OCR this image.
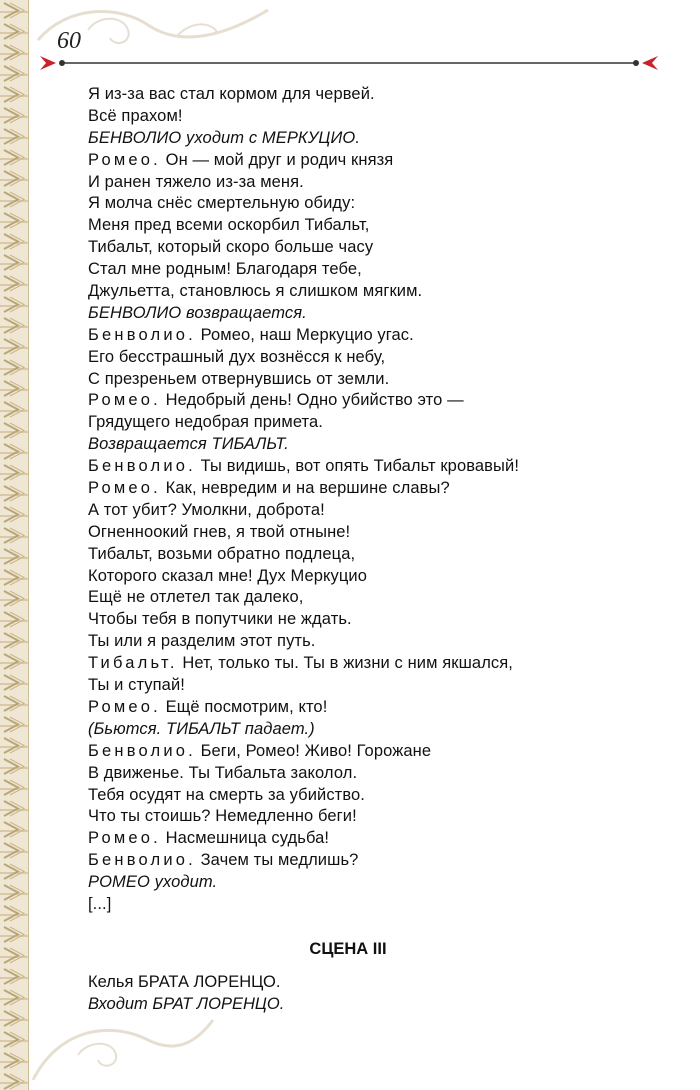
60
Я из-за вас стал кормом для червей.
Всё прахом!
БЕНВОЛИО уходит с МЕРКУЦИО.
Ромео. Он — мой друг и родич князя
И ранен тяжело из-за меня.
Я молча снёс смертельную обиду:
Меня пред всеми оскорбил Тибальт,
Тибальт, который скоро больше часу
Стал мне родным! Благодаря тебе,
Джульетта, становлюсь я слишком мягким.
БЕНВОЛИО возвращается.
Бенволио. Ромео, наш Меркуцио угас.
Его бесстрашный дух вознёсся к небу,
С презреньем отвернувшись от земли.
Ромео. Недобрый день! Одно убийство это —
Грядущего недобрая примета.
Возвращается ТИБАЛЬТ.
Бенволио. Ты видишь, вот опять Тибальт кровавый!
Ромео. Как, невредим и на вершине славы?
А тот убит? Умолкни, доброта!
Огненноокий гнев, я твой отныне!
Тибальт, возьми обратно подлеца,
Которого сказал мне! Дух Меркуцио
Ещё не отлетел так далеко,
Чтобы тебя в попутчики не ждать.
Ты или я разделим этот путь.
Тибальт. Нет, только ты. Ты в жизни с ним якшался,
Ты и ступай!
Ромео. Ещё посмотрим, кто!
(Бьются. ТИБАЛЬТ падает.)
Бенволио. Беги, Ромео! Живо! Горожане
В движенье. Ты Тибальта заколол.
Тебя осудят на смерть за убийство.
Что ты стоишь? Немедленно беги!
Ромео. Насмешница судьба!
Бенволио. Зачем ты медлишь?
РОМЕО уходит.
[...]
СЦЕНА III
Келья БРАТА ЛОРЕНЦО.
Входит БРАТ ЛОРЕНЦО.
